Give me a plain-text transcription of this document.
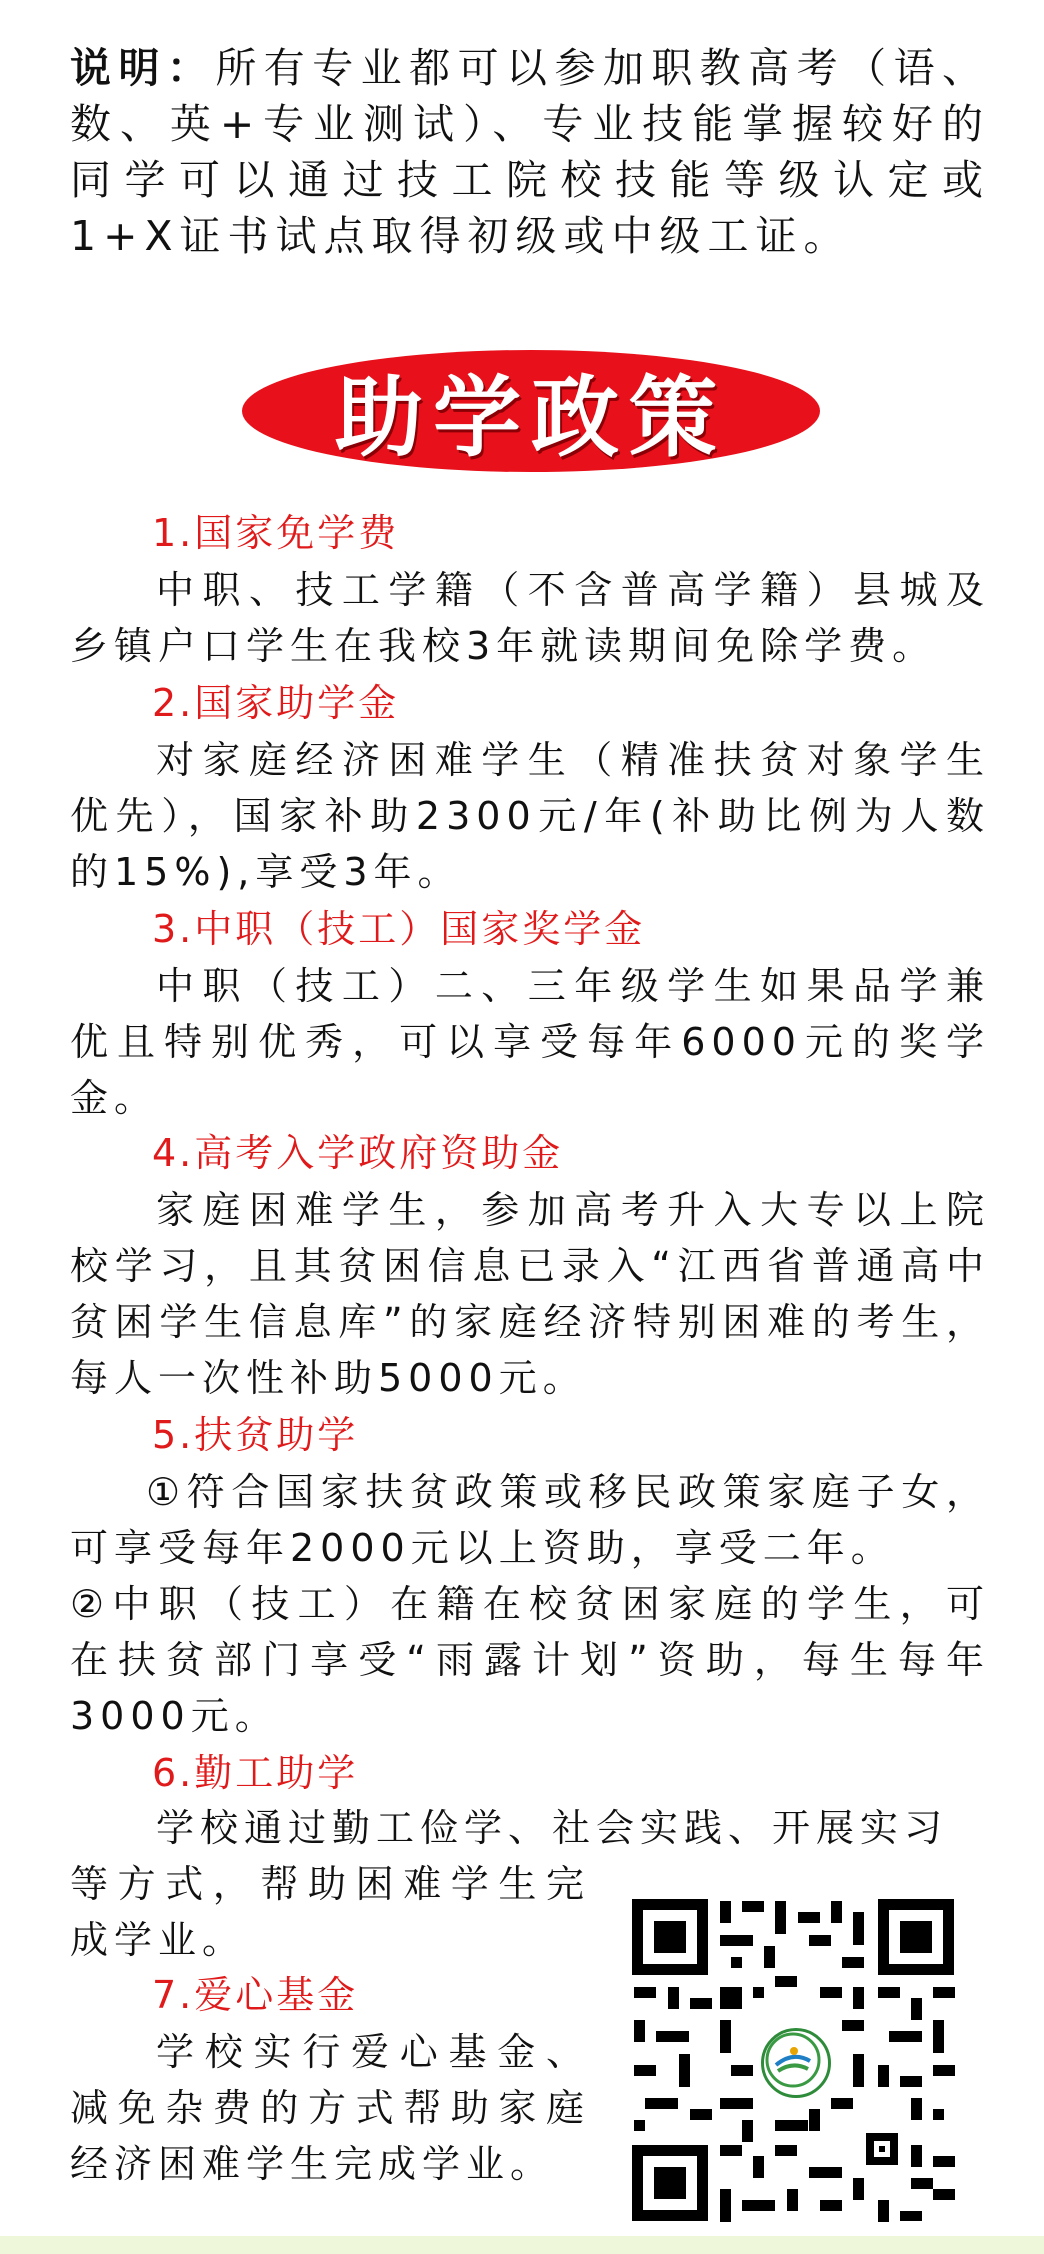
说明：所有专业都可以参加职教高考（语、数、英+专业测试）、专业技能掌握较好的同学可以通过技工院校技能等级认定或1+X证书试点取得初级或中级工证。
助学政策
1.国家免学费
中职、技工学籍（不含普高学籍）县城及乡镇户口学生在我校3年就读期间免除学费。
2.国家助学金
对家庭经济困难学生（精准扶贫对象学生优先），国家补助2300元/年(补助比例为人数的15%),享受3年。
3.中职（技工）国家奖学金
中职（技工）二、三年级学生如果品学兼优且特别优秀，可以享受每年6000元的奖学金。
4.高考入学政府资助金
家庭困难学生，参加高考升入大专以上院校学习，且其贫困信息已录入“江西省普通高中贫困学生信息库”的家庭经济特别困难的考生，每人一次性补助5000元。
5.扶贫助学
①符合国家扶贫政策或移民政策家庭子女，可享受每年2000元以上资助，享受二年。
②中职（技工）在籍在校贫困家庭的学生，可在扶贫部门享受“雨露计划”资助，每生每年3000元。
6.勤工助学
学校通过勤工俭学、社会实践、开展实习
等方式，帮助困难学生完成学业。
7.爱心基金
学校实行爱心基金、减免杂费的方式帮助家庭经济困难学生完成学业。
